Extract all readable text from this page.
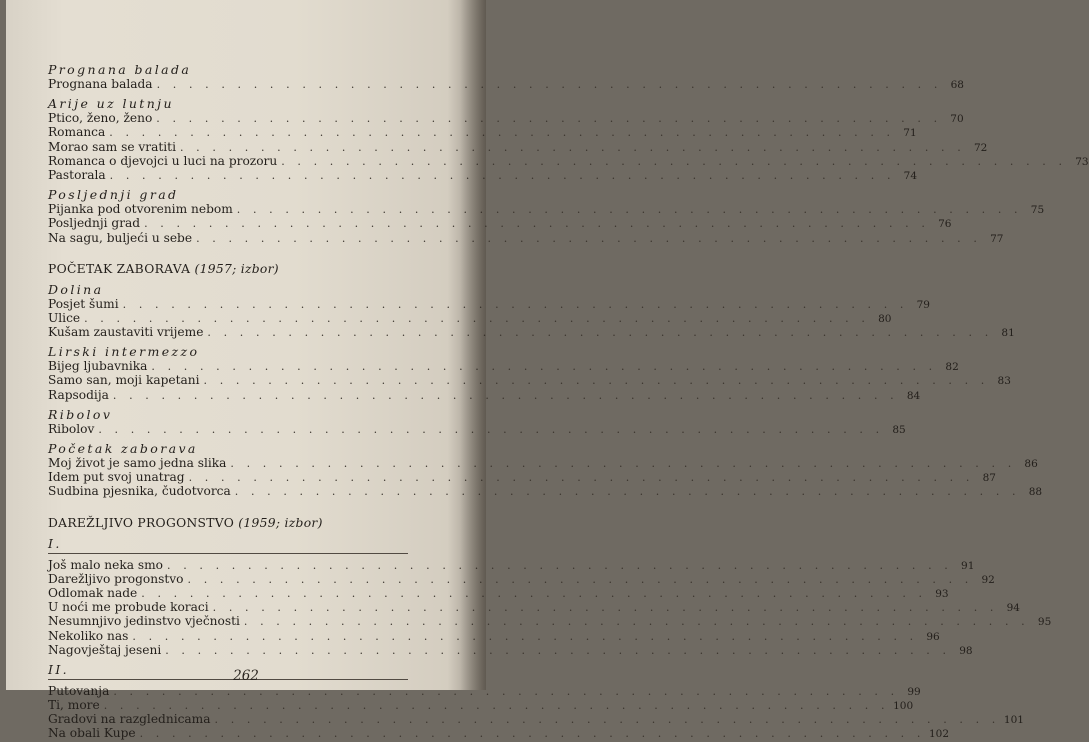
Prognana balada
Prognana balada . . .	68
Arije uz lutnju
Ptico, ženo, ženo . . .	70
Romanca . . .	71
Morao sam se vratiti . . .	72
Romanca o djevojci u luci na prozoru . . .	73
Pastorala . . .	74
Posljednji grad
Pijanka pod otvorenim nebom . . .	75
Posljednji grad . . .	76
Na sagu, buljeći u sebe . . .	77
POČETAK ZABORAVA (1957; izbor)
Dolina
Posjet šumi . . .	79
Ulice . . .	80
Kušam zaustaviti vrijeme . . .	81
Lirski intermezzo
Bijeg ljubavnika . . .	82
Samo san, moji kapetani . . .	83
Rapsodija . . .	84
Ribolov
Ribolov . . .	85
Početak zaborava
Moj život je samo jedna slika . . .	86
Idem put svoj unatrag . . .	87
Sudbina pjesnika, čudotvorca . . .	88
DAREŽLJIVO PROGONSTVO (1959; izbor)
I.
Još malo neka smo . . .	91
Darežljivo progonstvo . . .	92
Odlomak nade . . .	93
U noći me probude koraci . . .	94
Nesumnjivo jedinstvo vječnosti . . .	95
Nekoliko nas . . .	96
Nagovještaj jeseni . . .	98
II.
Putovanja . . .	99
Ti, more . . .	100
Gradovi na razglednicama . . .	101
Na obali Kupe . . .	102
262
